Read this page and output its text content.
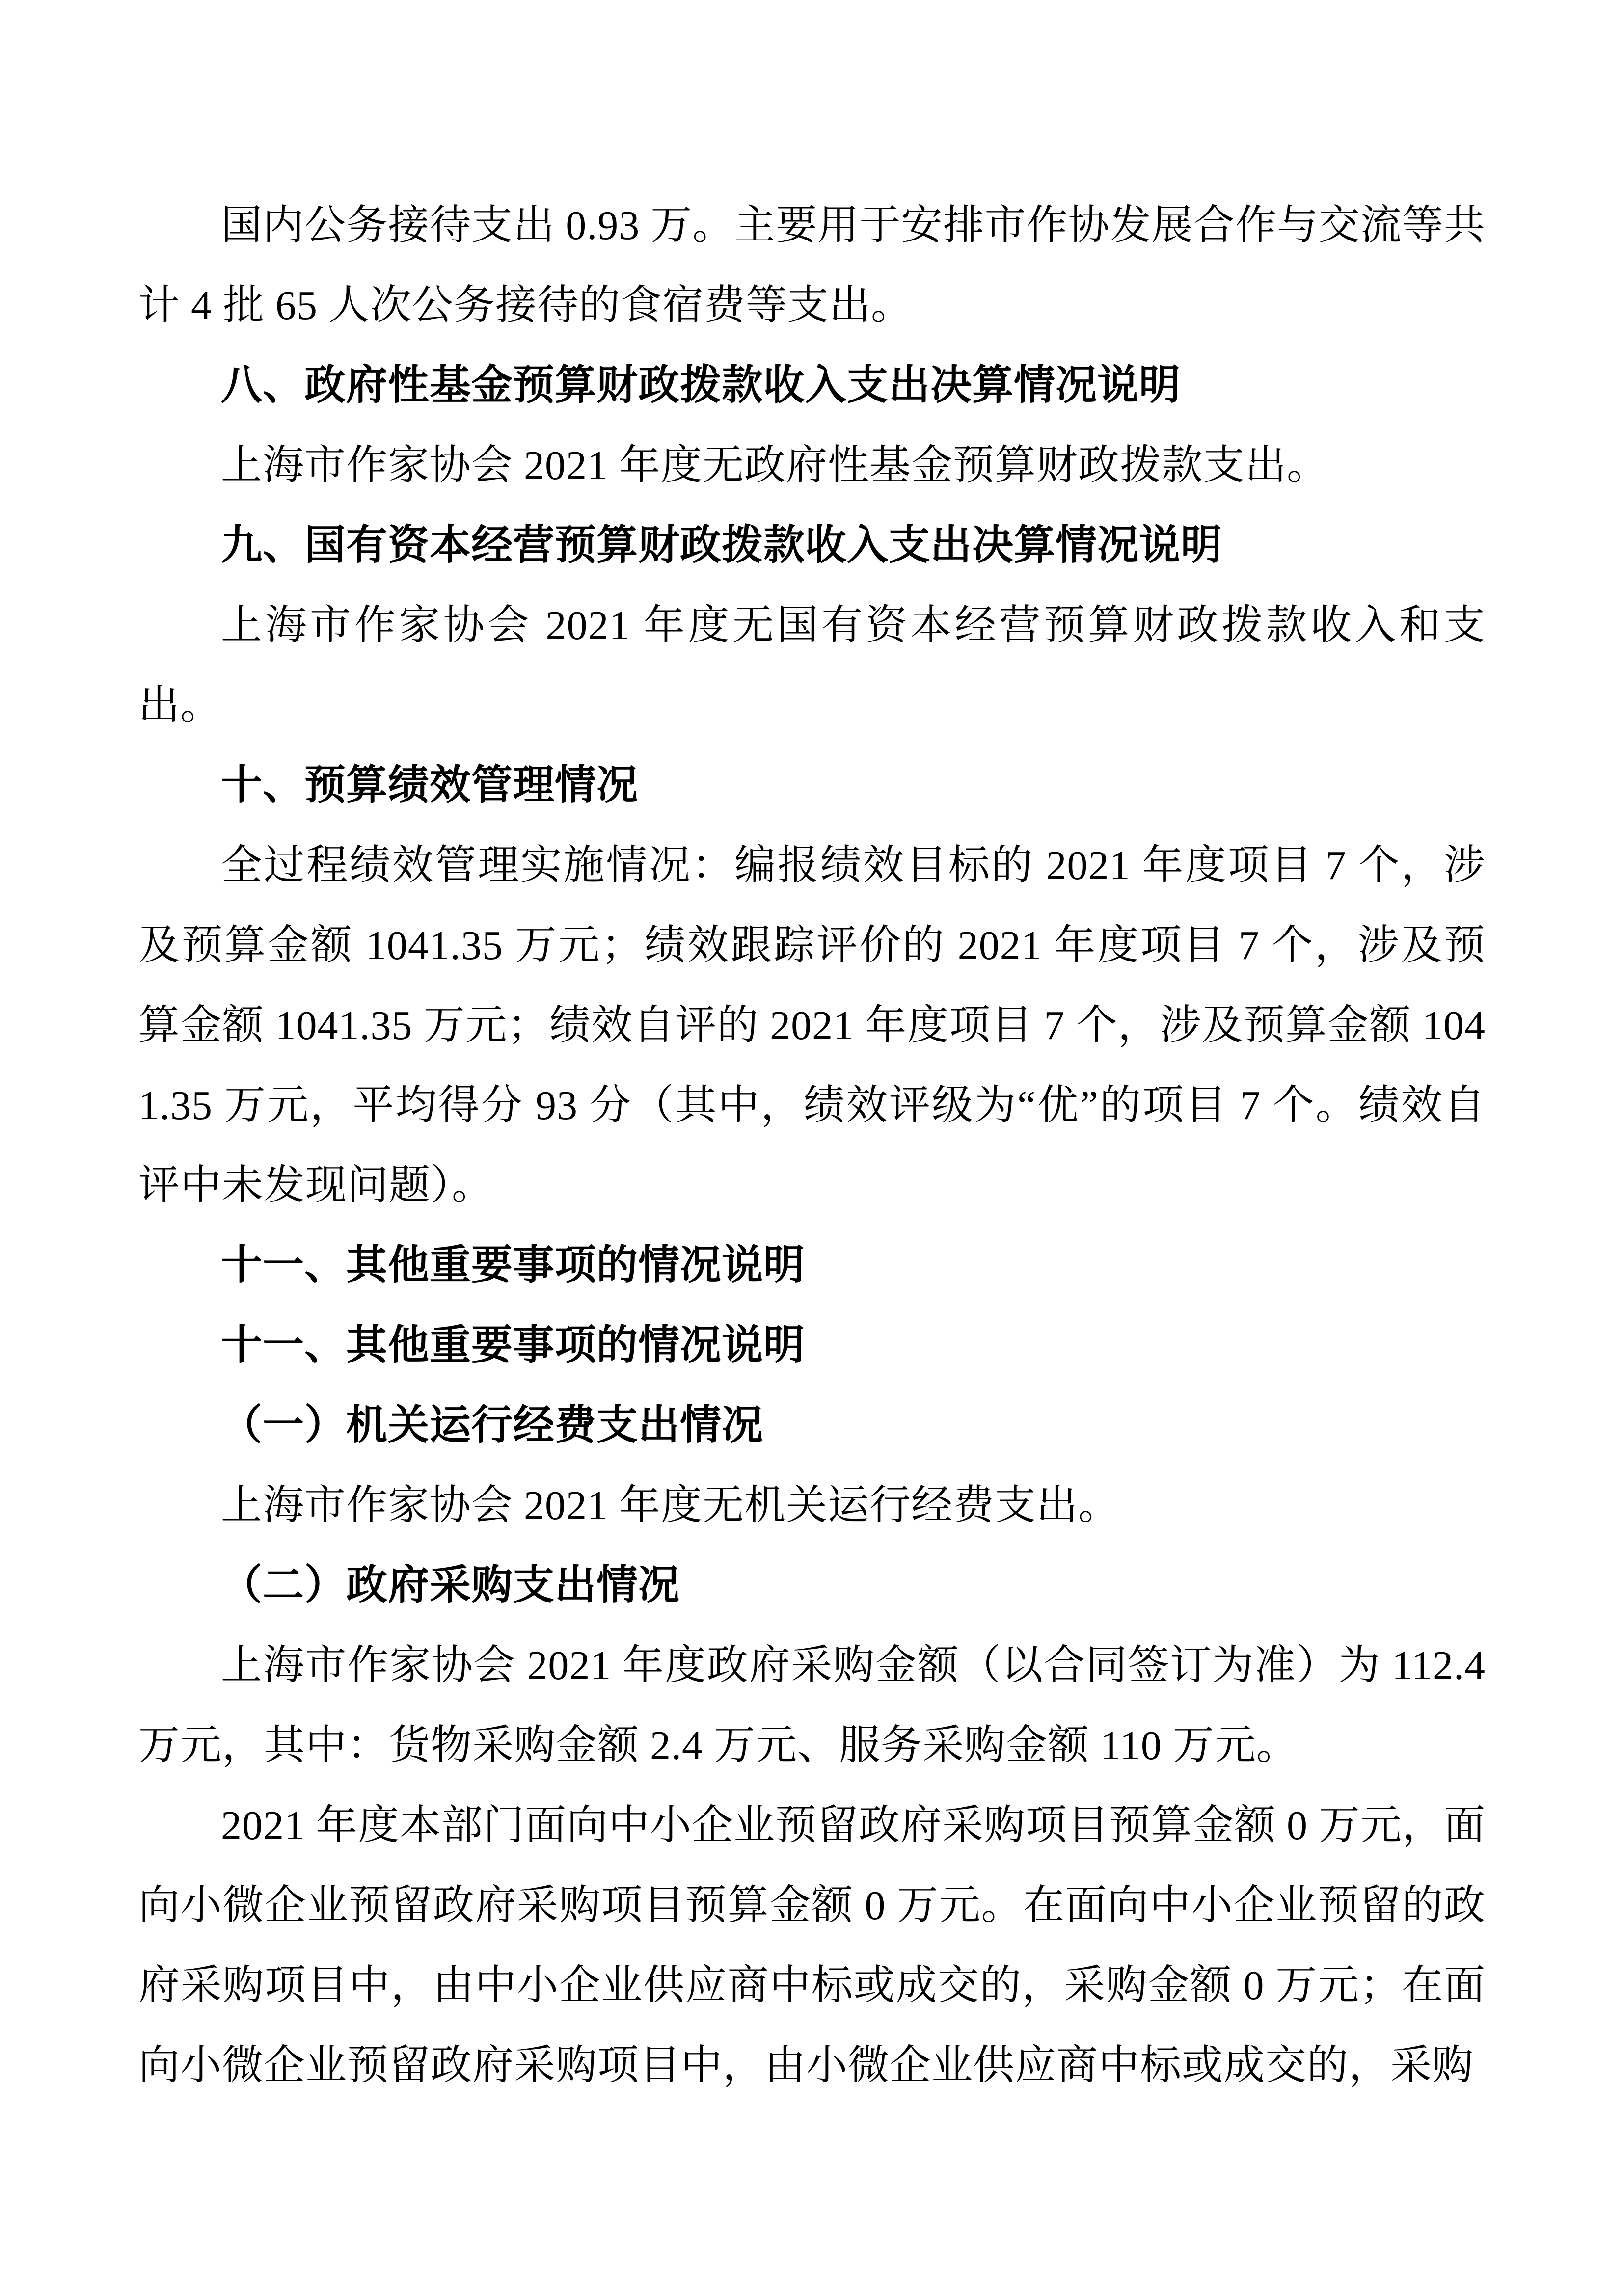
国内公务接待支出 0.93 万。主要用于安排市作协发展合作与交流等共计 4 批 65 人次公务接待的食宿费等支出。

八、政府性基金预算财政拨款收入支出决算情况说明

上海市作家协会 2021 年度无政府性基金预算财政拨款支出。

九、国有资本经营预算财政拨款收入支出决算情况说明

上海市作家协会 2021 年度无国有资本经营预算财政拨款收入和支出。

十、预算绩效管理情况

全过程绩效管理实施情况：编报绩效目标的 2021 年度项目 7 个，涉及预算金额 1041.35 万元；绩效跟踪评价的 2021 年度项目 7 个，涉及预算金额 1041.35 万元；绩效自评的 2021 年度项目 7 个，涉及预算金额 1041.35 万元，平均得分 93 分（其中，绩效评级为“优”的项目 7 个。绩效自评中未发现问题）。

十一、其他重要事项的情况说明

十一、其他重要事项的情况说明

（一）机关运行经费支出情况

上海市作家协会 2021 年度无机关运行经费支出。

（二）政府采购支出情况

上海市作家协会 2021 年度政府采购金额（以合同签订为准）为 112.4 万元，其中：货物采购金额 2.4 万元、服务采购金额 110 万元。

2021 年度本部门面向中小企业预留政府采购项目预算金额 0 万元，面向小微企业预留政府采购项目预算金额 0 万元。在面向中小企业预留的政府采购项目中，由中小企业供应商中标或成交的，采购金额 0 万元；在面向小微企业预留政府采购项目中，由小微企业供应商中标或成交的，采购
